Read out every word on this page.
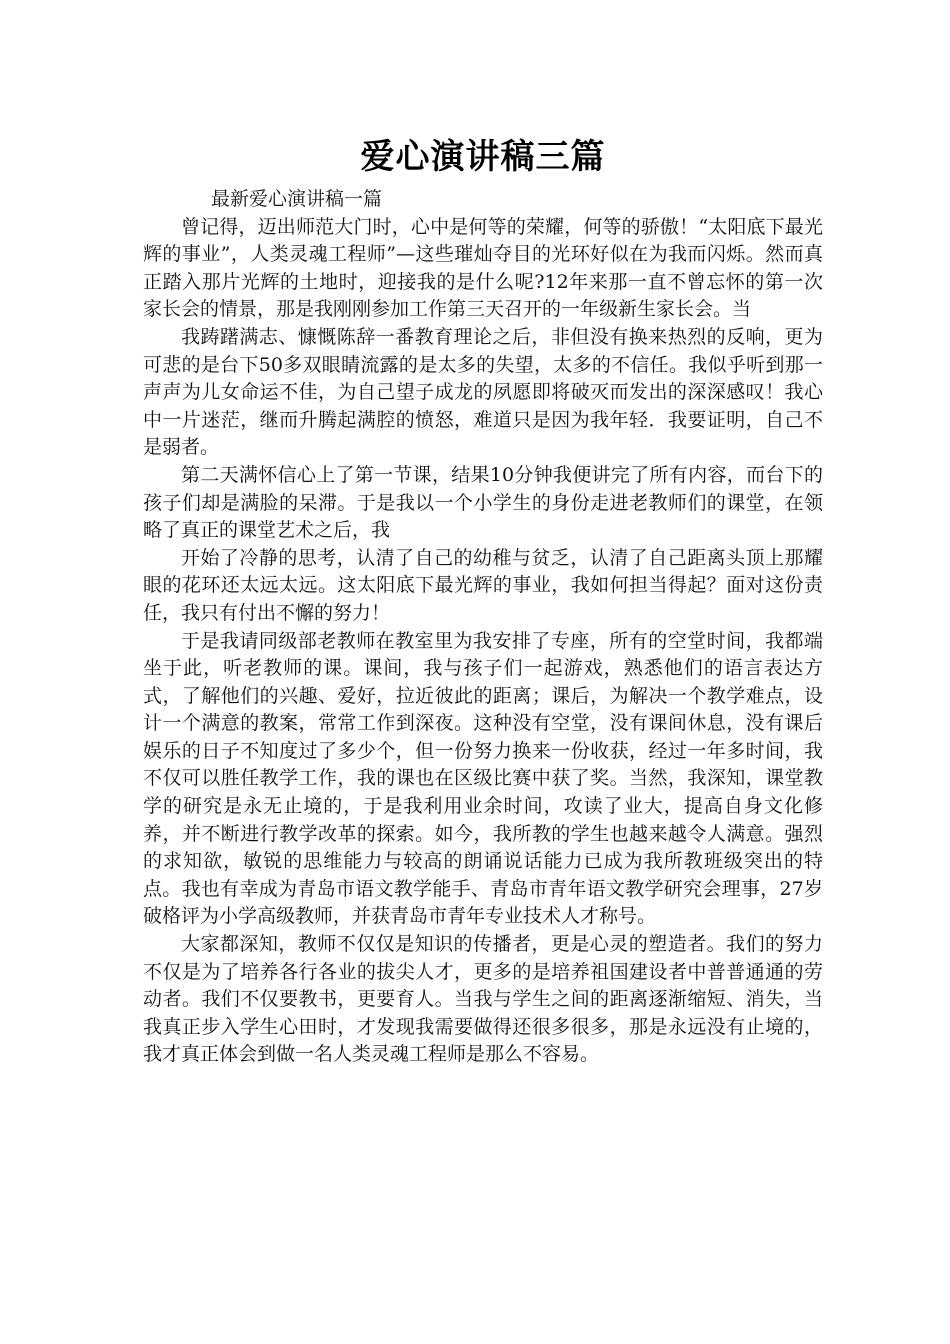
爱心演讲稿三篇

最新爱心演讲稿一篇

曾记得，迈出师范大门时，心中是何等的荣耀，何等的骄傲！“太阳底下最光辉的事业”，人类灵魂工程师”—这些璀灿夺目的光环好似在为我而闪烁。然而真正踏入那片光辉的土地时，迎接我的是什么呢?12年来那一直不曾忘怀的第一次家长会的情景，那是我刚刚参加工作第三天召开的一年级新生家长会。当

我踌躇满志、慷慨陈辞一番教育理论之后，非但没有换来热烈的反响，更为可悲的是台下50多双眼睛流露的是太多的失望，太多的不信任。我似乎听到那一声声为儿女命运不佳，为自己望子成龙的夙愿即将破灭而发出的深深感叹！我心中一片迷茫，继而升腾起满腔的愤怒，难道只是因为我年轻．我要证明，自己不是弱者。

第二天满怀信心上了第一节课，结果10分钟我便讲完了所有内容，而台下的孩子们却是满脸的呆滞。于是我以一个小学生的身份走进老教师们的课堂，在领略了真正的课堂艺术之后，我

开始了冷静的思考，认清了自己的幼稚与贫乏，认清了自己距离头顶上那耀眼的花环还太远太远。这太阳底下最光辉的事业，我如何担当得起？面对这份责任，我只有付出不懈的努力！

于是我请同级部老教师在教室里为我安排了专座，所有的空堂时间，我都端坐于此，听老教师的课。课间，我与孩子们一起游戏，熟悉他们的语言表达方式，了解他们的兴趣、爱好，拉近彼此的距离；课后，为解决一个教学难点，设计一个满意的教案，常常工作到深夜。这种没有空堂，没有课间休息，没有课后娱乐的日子不知度过了多少个，但一份努力换来一份收获，经过一年多时间，我不仅可以胜任教学工作，我的课也在区级比赛中获了奖。当然，我深知，课堂教学的研究是永无止境的，于是我利用业余时间，攻读了业大，提高自身文化修养，并不断进行教学改革的探索。如今，我所教的学生也越来越令人满意。强烈的求知欲，敏锐的思维能力与较高的朗诵说话能力已成为我所教班级突出的特点。我也有幸成为青岛市语文教学能手、青岛市青年语文教学研究会理事，27岁破格评为小学高级教师，并获青岛市青年专业技术人才称号。

大家都深知，教师不仅仅是知识的传播者，更是心灵的塑造者。我们的努力不仅是为了培养各行各业的拔尖人才，更多的是培养祖国建设者中普普通通的劳动者。我们不仅要教书，更要育人。当我与学生之间的距离逐渐缩短、消失，当我真正步入学生心田时，才发现我需要做得还很多很多，那是永远没有止境的，我才真正体会到做一名人类灵魂工程师是那么不容易。
